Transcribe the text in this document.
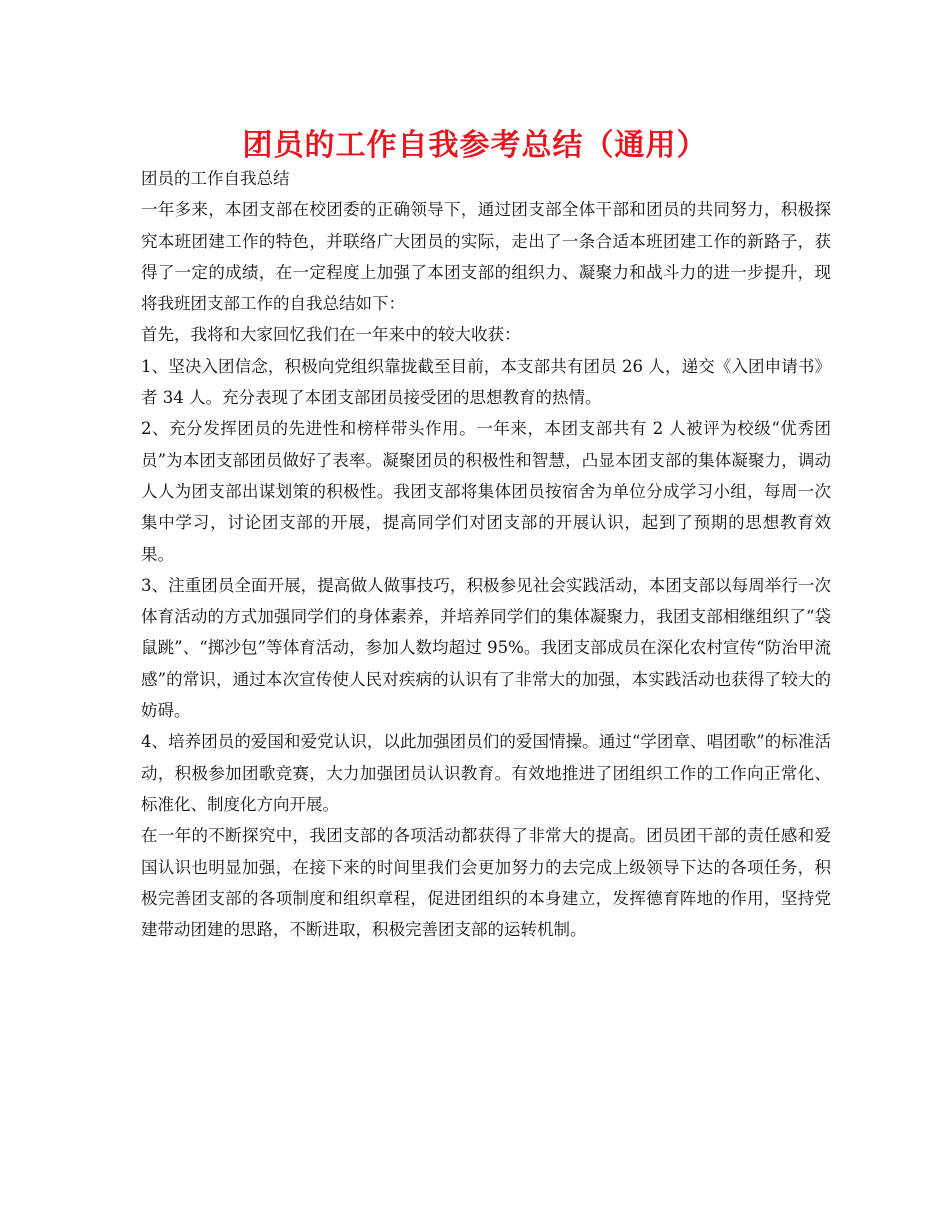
团员的工作自我参考总结（通用）

团员的工作自我总结

一年多来，本团支部在校团委的正确领导下，通过团支部全体干部和团员的共同努力，积极探究本班团建工作的特色，并联络广大团员的实际，走出了一条合适本班团建工作的新路子，获得了一定的成绩，在一定程度上加强了本团支部的组织力、凝聚力和战斗力的进一步提升，现将我班团支部工作的自我总结如下：

首先，我将和大家回忆我们在一年来中的较大收获：

1、坚决入团信念，积极向党组织靠拢截至目前，本支部共有团员 26 人，递交《入团申请书》者 34 人。充分表现了本团支部团员接受团的思想教育的热情。

2、充分发挥团员的先进性和榜样带头作用。一年来，本团支部共有 2 人被评为校级“优秀团员”为本团支部团员做好了表率。凝聚团员的积极性和智慧，凸显本团支部的集体凝聚力，调动人人为团支部出谋划策的积极性。我团支部将集体团员按宿舍为单位分成学习小组，每周一次集中学习，讨论团支部的开展，提高同学们对团支部的开展认识，起到了预期的思想教育效果。

3、注重团员全面开展，提高做人做事技巧，积极参见社会实践活动，本团支部以每周举行一次体育活动的方式加强同学们的身体素养，并培养同学们的集体凝聚力，我团支部相继组织了“袋鼠跳”、“掷沙包”等体育活动，参加人数均超过 95%。我团支部成员在深化农村宣传“防治甲流感”的常识，通过本次宣传使人民对疾病的认识有了非常大的加强，本实践活动也获得了较大的妨碍。

4、培养团员的爱国和爱党认识，以此加强团员们的爱国情操。通过“学团章、唱团歌”的标准活动，积极参加团歌竞赛，大力加强团员认识教育。有效地推进了团组织工作的工作向正常化、标准化、制度化方向开展。

在一年的不断探究中，我团支部的各项活动都获得了非常大的提高。团员团干部的责任感和爱国认识也明显加强，在接下来的时间里我们会更加努力的去完成上级领导下达的各项任务，积极完善团支部的各项制度和组织章程，促进团组织的本身建立，发挥德育阵地的作用，坚持党建带动团建的思路，不断进取，积极完善团支部的运转机制。
